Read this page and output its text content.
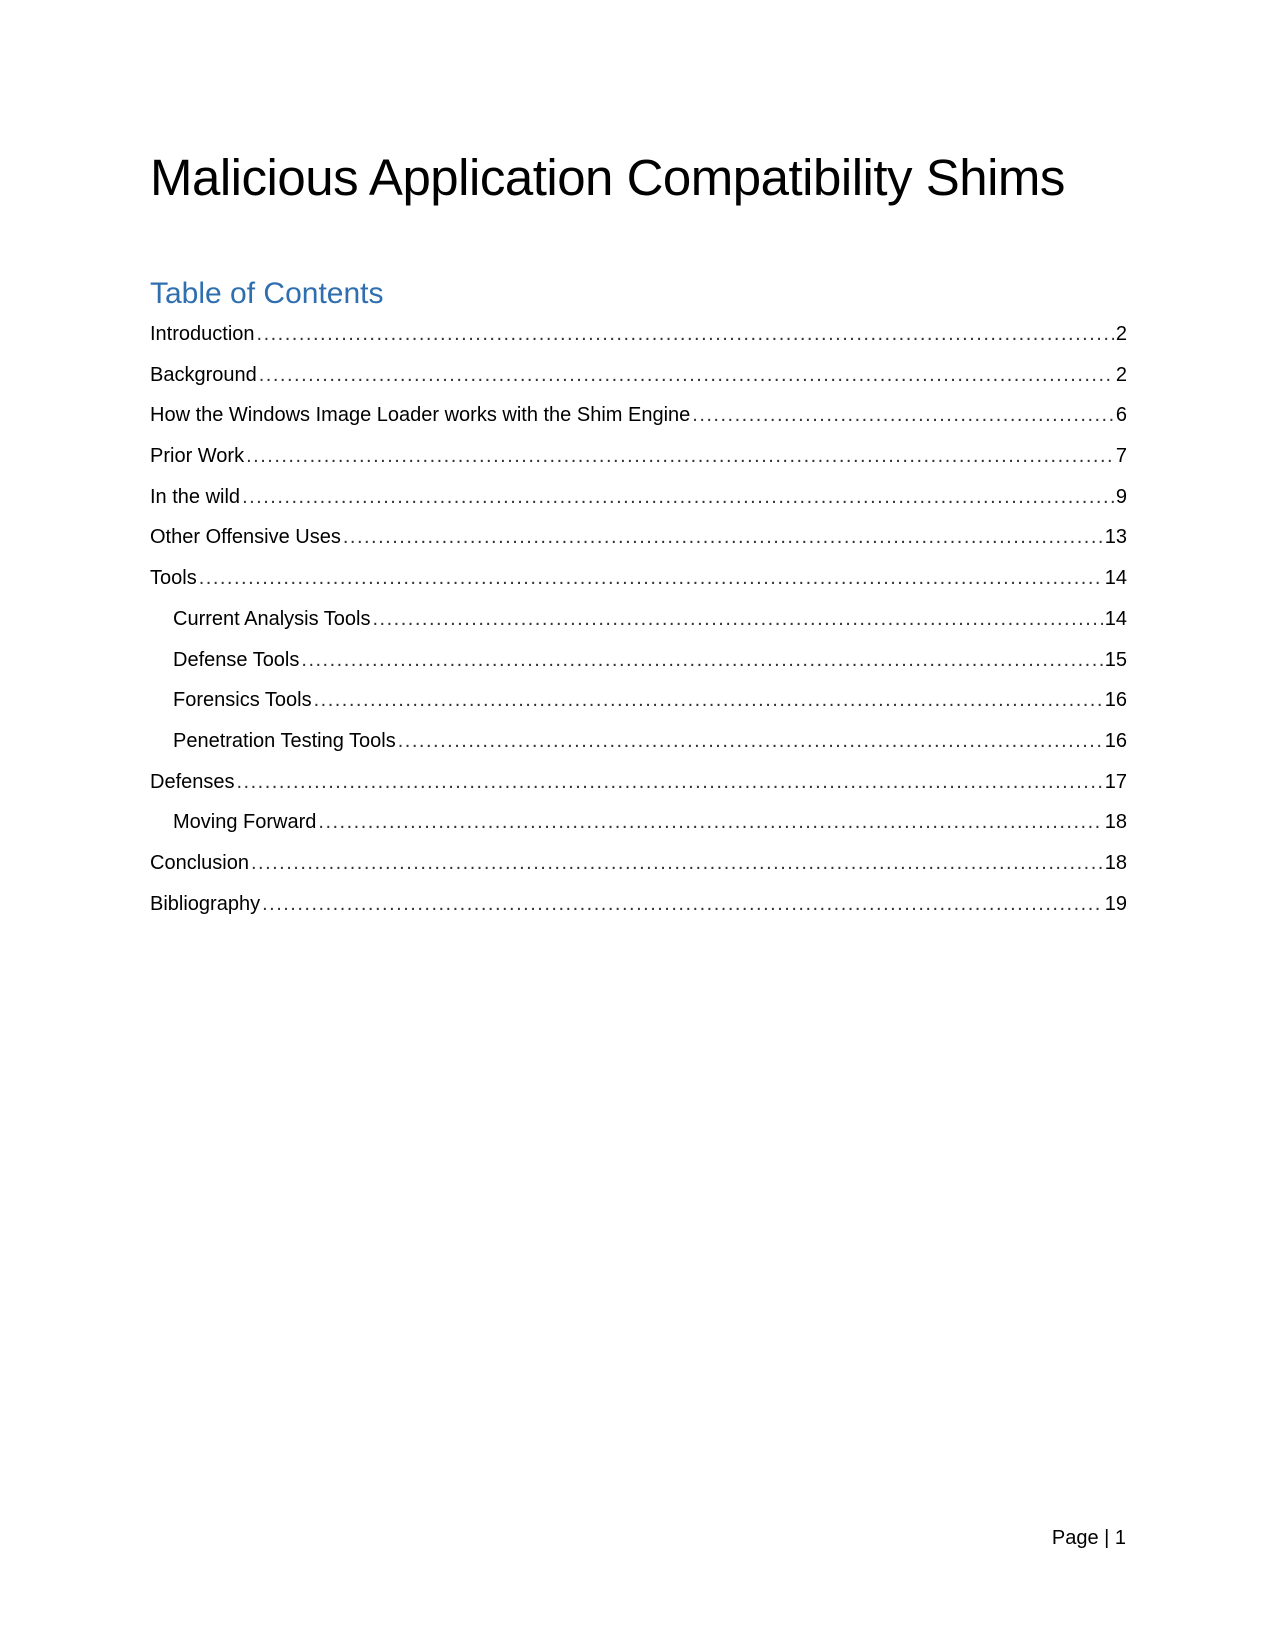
Malicious Application Compatibility Shims
Table of Contents
Introduction .....	2
Background .....	2
How the Windows Image Loader works with the Shim Engine .....	6
Prior Work .....	7
In the wild .....	9
Other Offensive Uses .....	13
Tools .....	14
Current Analysis Tools .....	14
Defense Tools .....	15
Forensics Tools .....	16
Penetration Testing Tools .....	16
Defenses .....	17
Moving Forward .....	18
Conclusion .....	18
Bibliography .....	19
Page | 1
